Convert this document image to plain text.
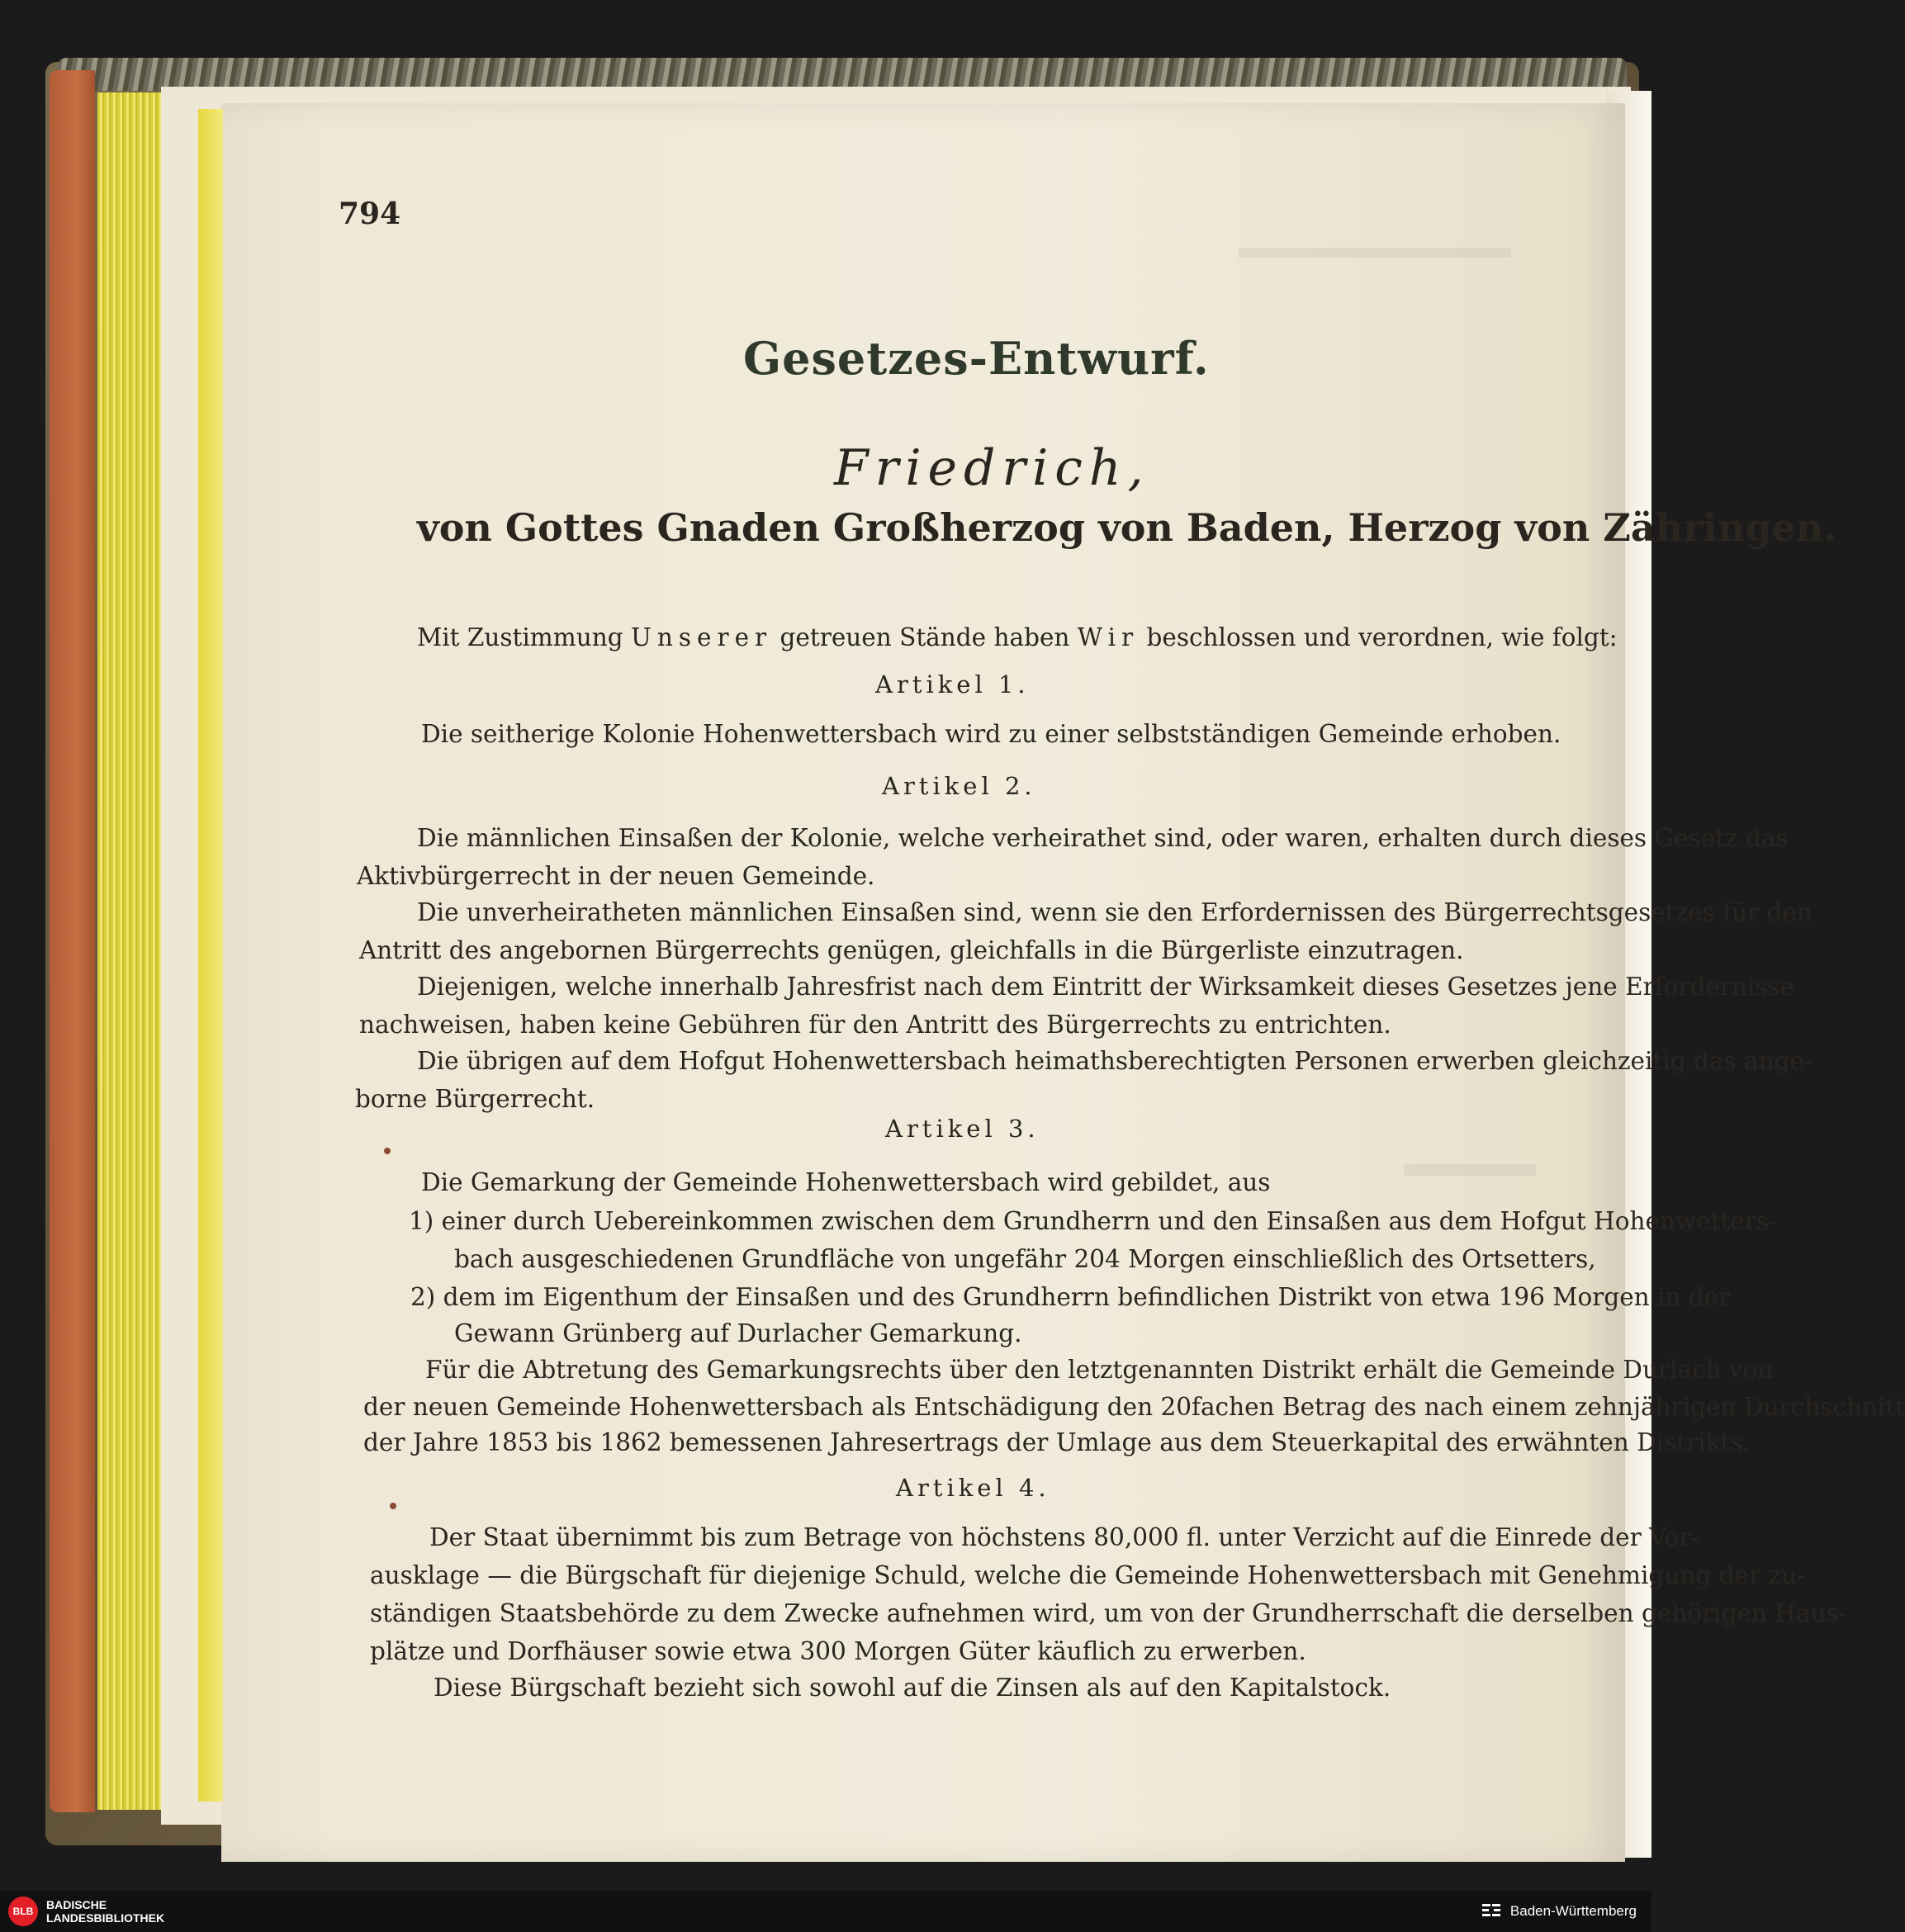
794
Gesetzes-Entwurf.
Friedrich,
von Gottes Gnaden Großherzog von Baden, Herzog von Zähringen.
Mit Zustimmung Unserer getreuen Stände haben Wir beschlossen und verordnen, wie folgt:
Artikel 1.
Die seitherige Kolonie Hohenwettersbach wird zu einer selbstständigen Gemeinde erhoben.
Artikel 2.
Die männlichen Einsaßen der Kolonie, welche verheirathet sind, oder waren, erhalten durch dieses Gesetz das
Aktivbürgerrecht in der neuen Gemeinde.
Die unverheiratheten männlichen Einsaßen sind, wenn sie den Erfordernissen des Bürgerrechtsgesetzes für den
Antritt des angebornen Bürgerrechts genügen, gleichfalls in die Bürgerliste einzutragen.
Diejenigen, welche innerhalb Jahresfrist nach dem Eintritt der Wirksamkeit dieses Gesetzes jene Erfordernisse
nachweisen, haben keine Gebühren für den Antritt des Bürgerrechts zu entrichten.
Die übrigen auf dem Hofgut Hohenwettersbach heimathsberechtigten Personen erwerben gleichzeitig das ange-
borne Bürgerrecht.
Artikel 3.
Die Gemarkung der Gemeinde Hohenwettersbach wird gebildet, aus
1) einer durch Uebereinkommen zwischen dem Grundherrn und den Einsaßen aus dem Hofgut Hohenwetters-
bach ausgeschiedenen Grundfläche von ungefähr 204 Morgen einschließlich des Ortsetters,
2) dem im Eigenthum der Einsaßen und des Grundherrn befindlichen Distrikt von etwa 196 Morgen in der
Gewann Grünberg auf Durlacher Gemarkung.
Für die Abtretung des Gemarkungsrechts über den letztgenannten Distrikt erhält die Gemeinde Durlach von
der neuen Gemeinde Hohenwettersbach als Entschädigung den 20fachen Betrag des nach einem zehnjährigen Durchschnitt
der Jahre 1853 bis 1862 bemessenen Jahresertrags der Umlage aus dem Steuerkapital des erwähnten Distrikts.
Artikel 4.
Der Staat übernimmt bis zum Betrage von höchstens 80,000 fl. unter Verzicht auf die Einrede der Vor-
ausklage — die Bürgschaft für diejenige Schuld, welche die Gemeinde Hohenwettersbach mit Genehmigung der zu-
ständigen Staatsbehörde zu dem Zwecke aufnehmen wird, um von der Grundherrschaft die derselben gehörigen Haus-
plätze und Dorfhäuser sowie etwa 300 Morgen Güter käuflich zu erwerben.
Diese Bürgschaft bezieht sich sowohl auf die Zinsen als auf den Kapitalstock.
BLB	BADISCHE
LANDESBIBLIOTHEK	Baden-Württemberg
